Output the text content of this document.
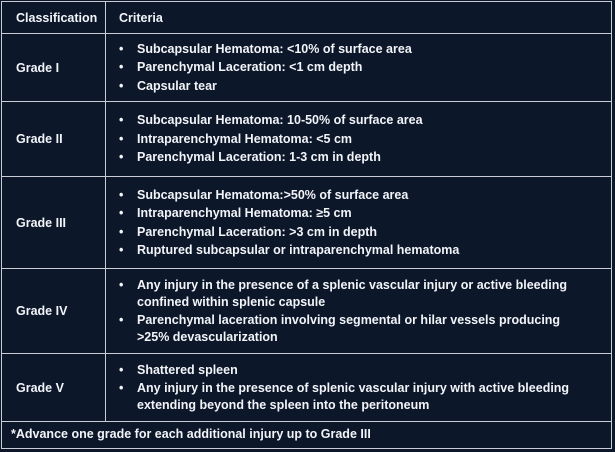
Classification	Criteria
Grade I
• Subcapsular Hematoma: <10% of surface area
• Parenchymal Laceration: <1 cm depth
• Capsular tear
Grade II
• Subcapsular Hematoma: 10-50% of surface area
• Intraparenchymal Hematoma: <5 cm
• Parenchymal Laceration: 1-3 cm in depth
Grade III
• Subcapsular Hematoma:>50% of surface area
• Intraparenchymal Hematoma: ≥5 cm
• Parenchymal Laceration: >3 cm in depth
• Ruptured subcapsular or intraparenchymal hematoma
Grade IV
• Any injury in the presence of a splenic vascular injury or active bleeding confined within splenic capsule
• Parenchymal laceration involving segmental or hilar vessels producing >25% devascularization
Grade V
• Shattered spleen
• Any injury in the presence of splenic vascular injury with active bleeding extending beyond the spleen into the peritoneum
*Advance one grade for each additional injury up to Grade III
